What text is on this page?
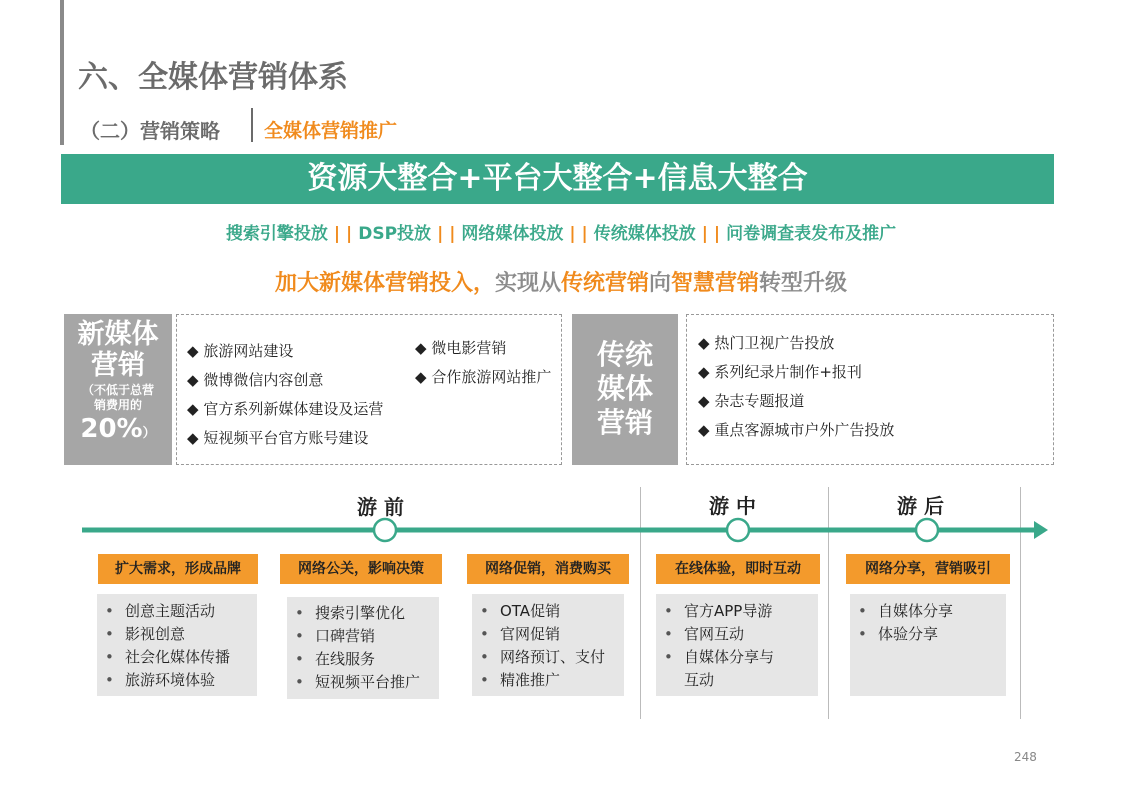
六、全媒体营销体系
（二）营销策略 全媒体营销推广
资源大整合+平台大整合+信息大整合
搜索引擎投放 | | DSP投放 | | 网络媒体投放 | | 传统媒体投放 | | 问卷调查表发布及推广
加大新媒体营销投入，实现从传统营销向智慧营销转型升级
新媒体
营销
（不低于总营
销费用的
20%）
◆ 旅游网站建设
◆ 微博微信内容创意
◆ 官方系列新媒体建设及运营
◆ 短视频平台官方账号建设
◆ 微电影营销
◆ 合作旅游网站推广
传统
媒体
营销
◆ 热门卫视广告投放
◆ 系列纪录片制作+报刊
◆ 杂志专题报道
◆ 重点客源城市户外广告投放
游 前	游 中	游 后
扩大需求，形成品牌	网络公关，影响决策	网络促销，消费购买	在线体验，即时互动	网络分享，营销吸引
• 创意主题活动
• 影视创意
• 社会化媒体传播
• 旅游环境体验
• 搜索引擎优化
• 口碑营销
• 在线服务
• 短视频平台推广
• OTA促销
• 官网促销
• 网络预订、支付
• 精准推广
• 官方APP导游
• 官网互动
• 自媒体分享与互动
• 自媒体分享
• 体验分享
248
